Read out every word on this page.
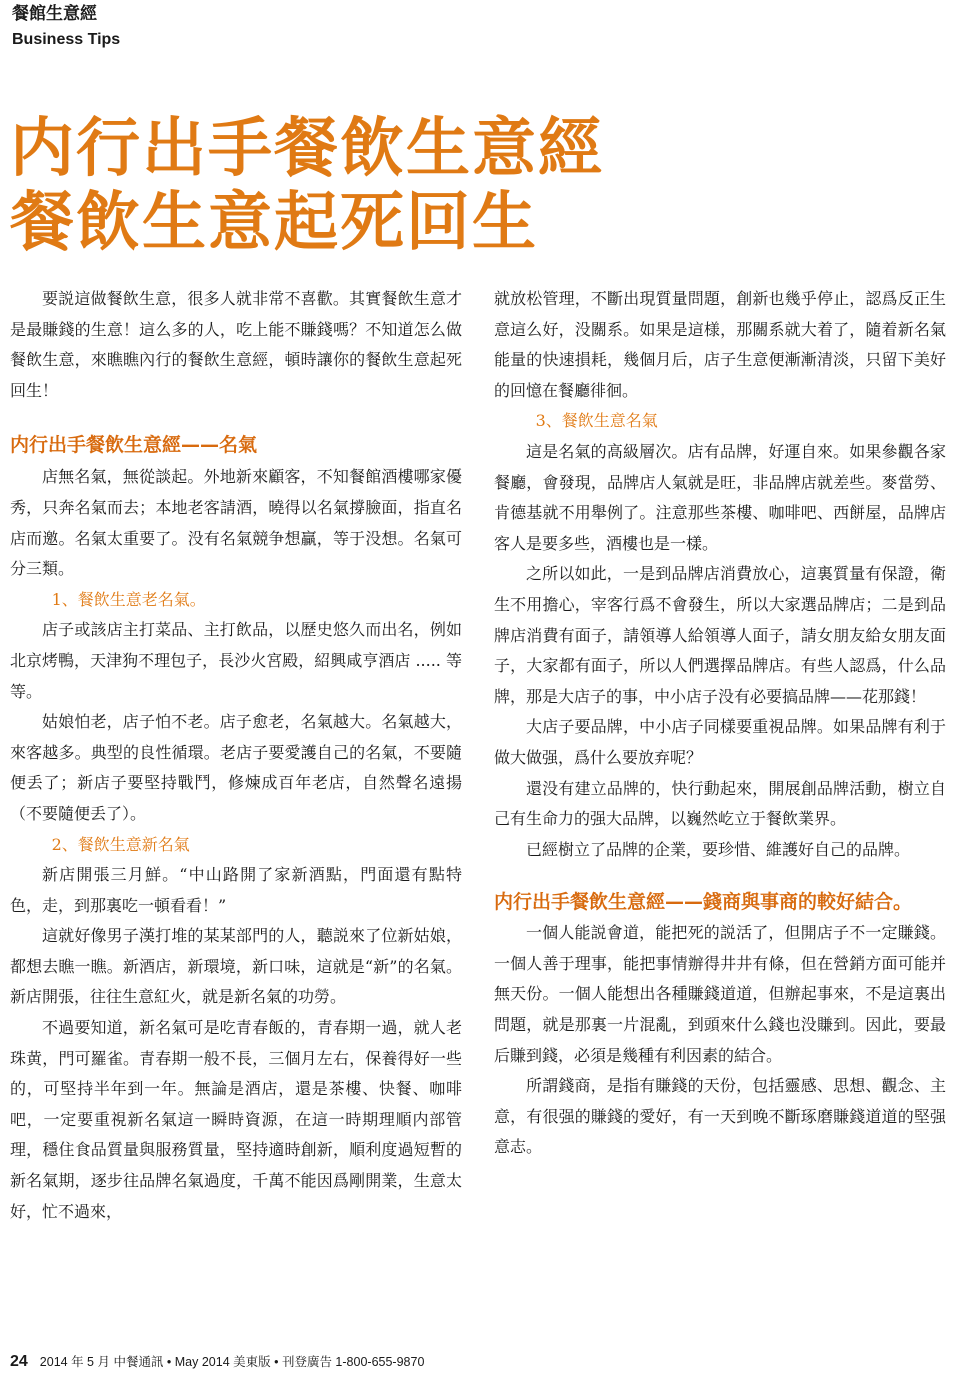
餐館生意經
Business Tips
内行出手餐飲生意經
餐飲生意起死回生

要説這做餐飲生意，很多人就非常不喜歡。其實餐飲生意才是最賺錢的生意！這么多的人，吃上能不賺錢嗎？不知道怎么做餐飲生意，來瞧瞧內行的餐飲生意經，頓時讓你的餐飲生意起死回生！

内行出手餐飲生意經——名氣

店無名氣，無從談起。外地新來顧客，不知餐館酒樓哪家優秀，只奔名氣而去；本地老客請酒，曉得以名氣撐臉面，指直名店而邀。名氣太重要了。没有名氣競争想贏，等于没想。名氣可分三類。

1、餐飲生意老名氣。

店子或該店主打菜品、主打飲品，以歷史悠久而出名，例如北京烤鴨，天津狗不理包子，長沙火宮殿，紹興咸亨酒店 ..... 等等。

姑娘怕老，店子怕不老。店子愈老，名氣越大。名氣越大，來客越多。典型的良性循環。老店子要愛護自己的名氣，不要隨便丢了；新店子要堅持戰鬥，修煉成百年老店，自然聲名遠揚（不要隨便丢了）。

2、餐飲生意新名氣

新店開張三月鮮。“中山路開了家新酒點，門面還有點特色，走，到那裏吃一頓看看！”

這就好像男子漢打堆的某某部門的人，聽説來了位新姑娘，都想去瞧一瞧。新酒店，新環境，新口味，這就是“新”的名氣。新店開張，往往生意紅火，就是新名氣的功勞。

不過要知道，新名氣可是吃青春飯的，青春期一過，就人老珠黄，門可羅雀。青春期一般不長，三個月左右，保養得好一些的，可堅持半年到一年。無論是酒店，還是茶樓、快餐、咖啡吧，一定要重視新名氣這一瞬時資源，在這一時期理順内部管理，穩住食品質量與服務質量，堅持適時創新，順利度過短暫的新名氣期，逐步往品牌名氣過度，千萬不能因爲剛開業，生意太好，忙不過來，

就放松管理，不斷出現質量問題，創新也幾乎停止，認爲反正生意這么好，没關系。如果是這様，那關系就大着了，隨着新名氣能量的快速損耗，幾個月后，店子生意便漸漸清淡，只留下美好的回憶在餐廳徘徊。

3、餐飲生意名氣

這是名氣的高級層次。店有品牌，好運自來。如果參觀各家餐廳，會發現，品牌店人氣就是旺，非品牌店就差些。麥當勞、肯德基就不用舉例了。注意那些茶樓、咖啡吧、西餅屋，品牌店客人是要多些，酒樓也是一樣。

之所以如此，一是到品牌店消費放心，這裏質量有保證，衛生不用擔心，宰客行爲不會發生，所以大家選品牌店；二是到品牌店消費有面子，請領導人給領導人面子，請女朋友給女朋友面子，大家都有面子，所以人們選擇品牌店。有些人認爲，什么品牌，那是大店子的事，中小店子没有必要搞品牌——花那錢！

大店子要品牌，中小店子同樣要重視品牌。如果品牌有利于做大做强，爲什么要放弃呢？

還没有建立品牌的，快行動起來，開展創品牌活動，樹立自己有生命力的强大品牌，以巍然屹立于餐飲業界。

已經樹立了品牌的企業，要珍惜、維護好自己的品牌。

内行出手餐飲生意經——錢商與事商的較好結合。

一個人能説會道，能把死的説活了，但開店子不一定賺錢。一個人善于理事，能把事情辦得井井有條，但在營銷方面可能并無天份。一個人能想出各種賺錢道道，但辦起事來，不是這裏出問題，就是那裏一片混亂，到頭來什么錢也没賺到。因此，要最后賺到錢，必須是幾種有利因素的結合。

所謂錢商，是指有賺錢的天份，包括靈感、思想、觀念、主意，有很强的賺錢的愛好，有一天到晚不斷琢磨賺錢道道的堅强意志。

24 2014 年 5 月 中餐通訊 • May 2014 美東版 • 刊登廣告 1-800-655-9870
